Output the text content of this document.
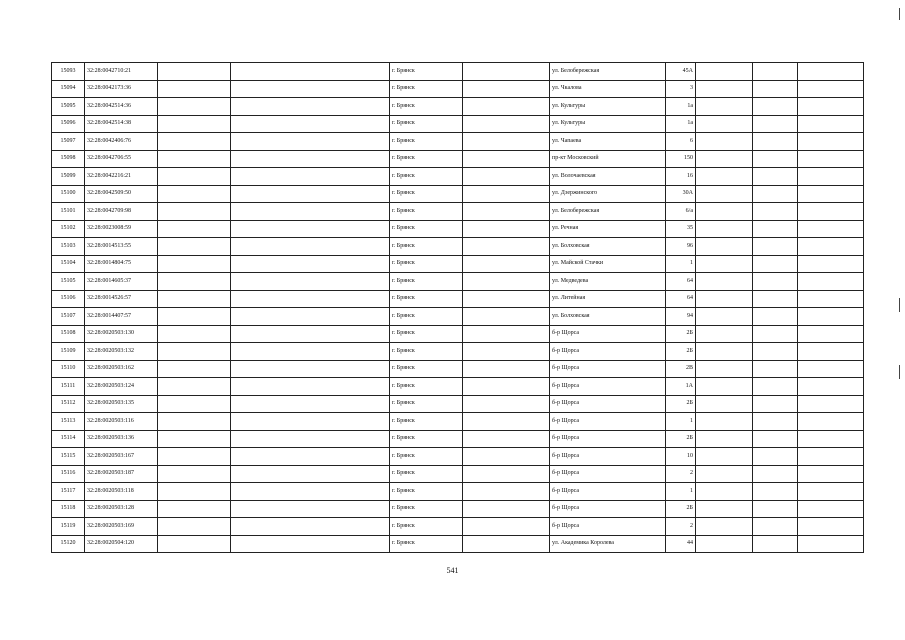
15093	32:28:0042710:21			г. Брянск		ул. Белобережская	45А			
15094	32:28:0042173:36			г. Брянск		ул. Чкалова	3			
15095	32:28:0042514:36			г. Брянск		ул. Культуры	1а			
15096	32:28:0042514:38			г. Брянск		ул. Культуры	1а			
15097	32:28:0042406:76			г. Брянск		ул. Чапаева	6			
15098	32:28:0042706:55			г. Брянск		пр-кт Московский	150			
15099	32:28:0042216:21			г. Брянск		ул. Волочаевская	16			
15100	32:28:0042509:50			г. Брянск		ул. Дзержинского	30А			
15101	32:28:0042709:98			г. Брянск		ул. Белобережская	6/а			
15102	32:28:0023008:59			г. Брянск		ул. Речная	35			
15103	32:28:0014513:55			г. Брянск		ул. Болховская	96			
15104	32:28:0014804:75			г. Брянск		ул. Майской Стачки	1			
15105	32:28:0014605:37			г. Брянск		ул. Медведева	64			
15106	32:28:0014526:57			г. Брянск		ул. Литейная	64			
15107	32:28:0014407:57			г. Брянск		ул. Болховская	94			
15108	32:28:0020503:130			г. Брянск		б-р Щорса	2Б			
15109	32:28:0020503:132			г. Брянск		б-р Щорса	2Б			
15110	32:28:0020503:162			г. Брянск		б-р Щорса	2В			
15111	32:28:0020503:124			г. Брянск		б-р Щорса	1А			
15112	32:28:0020503:135			г. Брянск		б-р Щорса	2Б			
15113	32:28:0020503:116			г. Брянск		б-р Щорса	1			
15114	32:28:0020503:136			г. Брянск		б-р Щорса	2Б			
15115	32:28:0020503:167			г. Брянск		б-р Щорса	10			
15116	32:28:0020503:187			г. Брянск		б-р Щорса	2			
15117	32:28:0020503:118			г. Брянск		б-р Щорса	1			
15118	32:28:0020503:128			г. Брянск		б-р Щорса	2Б			
15119	32:28:0020503:169			г. Брянск		б-р Щорса	2			
15120	32:28:0020504:120			г. Брянск		ул. Академика Королева	44			
541
